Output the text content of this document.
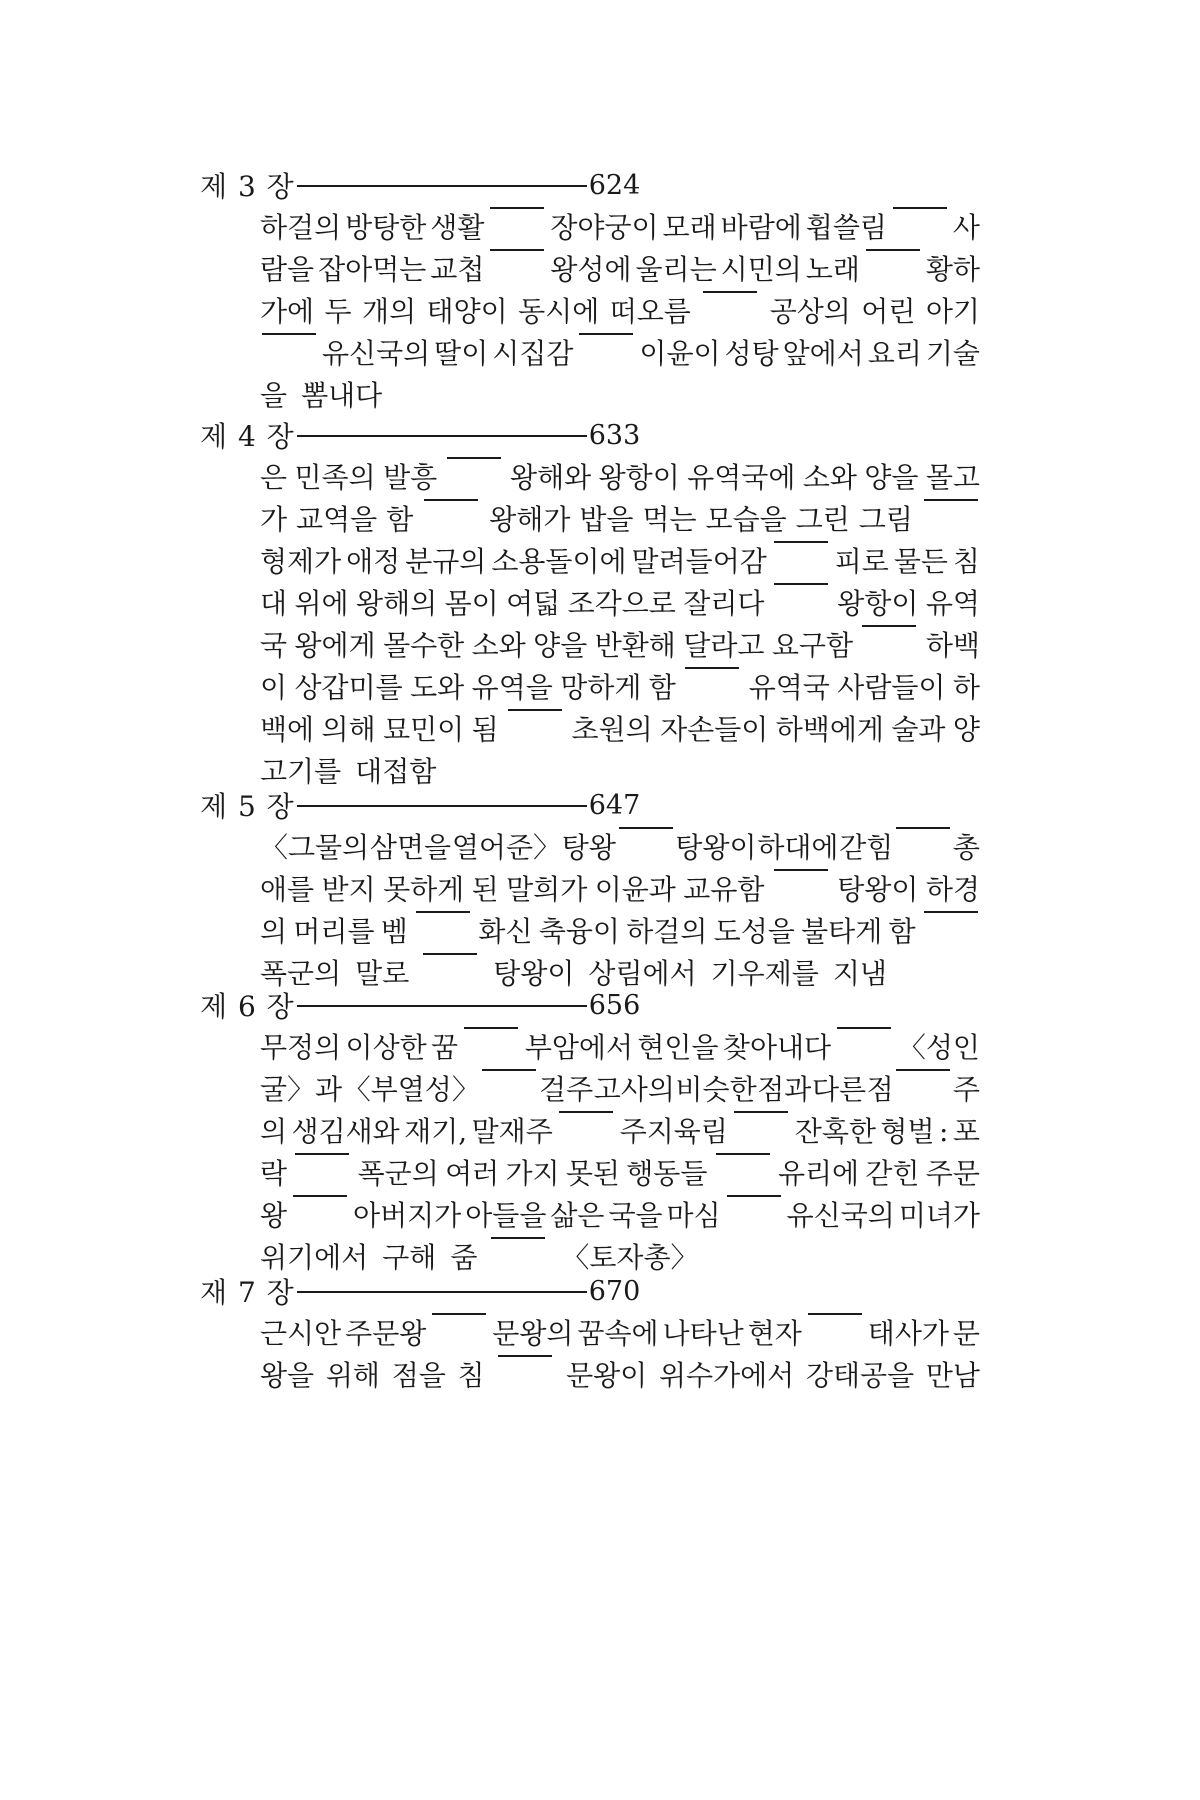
제 3 장	624
하걸의 방탕한 생활 장야궁이 모래 바람에 휩쓸림 사
람을 잡아먹는 교첩 왕성에 울리는 시민의 노래 황하
가에 두 개의 태양이 동시에 떠오름	공상의 어린 아기
유신국의 딸이 시집감 이윤이 성탕 앞에서 요리 기술
을 뽐내다
제 4 장	633
은 민족의 발흥	왕해와 왕항이 유역국에 소와 양을 몰고
가 교역을 함	왕해가 밥을 먹는 모습을 그린 그림
형제가 애정 분규의 소용돌이에 말려들어감 피로 물든 침
대 위에 왕해의 몸이 여덟 조각으로 잘리다	왕항이 유역
국 왕에게 몰수한 소와 양을 반환해 달라고 요구함	하백
이 상갑미를 도와 유역을 망하게 함	유역국 사람들이 하
백에 의해 묘민이 됨	초원의 자손들이 하백에게 술과 양
고기를 대접함
제 5 장	647
〈그물의 삼면을 열어준〉 탕왕 탕왕이 하대에 갇힘 총
애를 받지 못하게 된 말희가 이윤과 교유함	탕왕이 하경
의 머리를 벰	화신 축융이 하걸의 도성을 불타게 함
폭군의 말로	탕왕이 상림에서 기우제를 지냄
제 6 장	656
무정의 이상한 꿈 부암에서 현인을 찾아내다 〈성인
굴〉과 〈부열성〉 걸주 고사의 비슷한 점과 다른 점 주
의 생김새와 재기, 말재주 주지육림 잔혹한 형벌 : 포
락	폭군의 여러 가지 못된 행동들	유리에 갇힌 주문
왕 아버지가 아들을 삶은 국을 마심 유신국의 미녀가
위기에서 구해 줌	〈토자총〉
재 7 장	670
근시안 주문왕 문왕의 꿈속에 나타난 현자 태사가 문
왕을 위해 점을 침	문왕이 위수가에서 강태공을 만남
